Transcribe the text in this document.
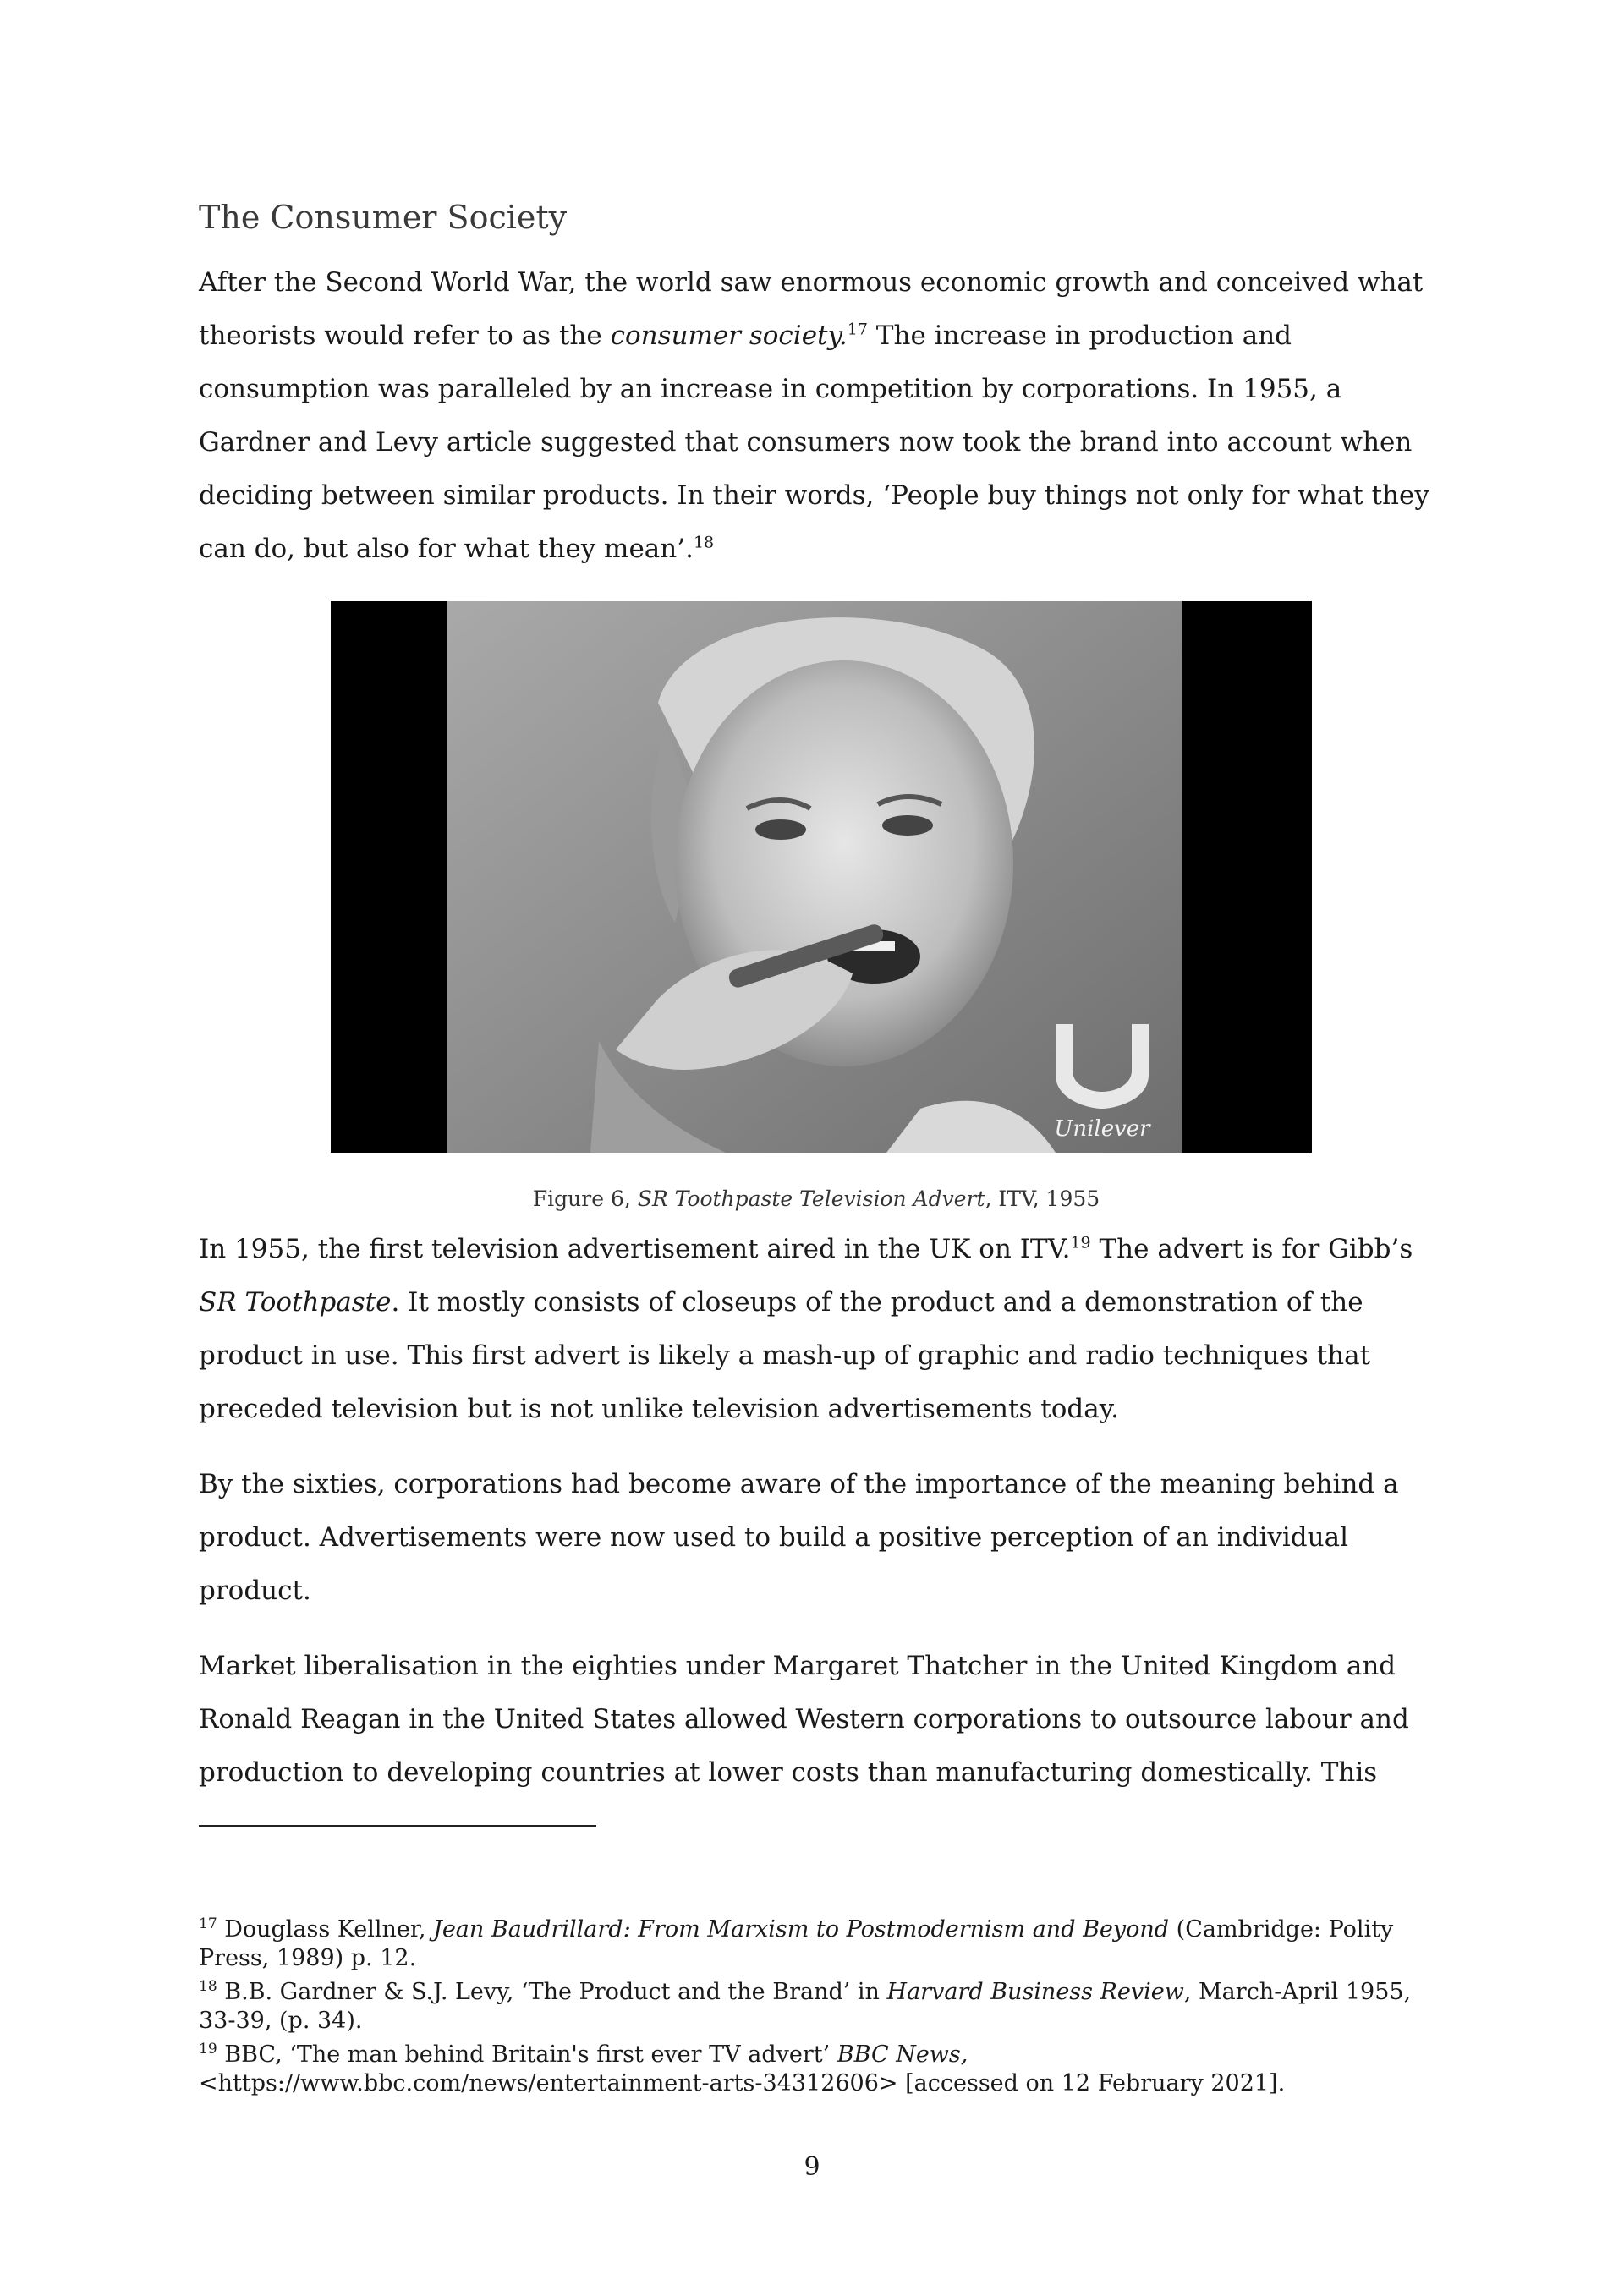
The Consumer Society

After the Second World War, the world saw enormous economic growth and conceived what theorists would refer to as the consumer society.$^{17}$ The increase in production and consumption was paralleled by an increase in competition by corporations. In 1955, a Gardner and Levy article suggested that consumers now took the brand into account when deciding between similar products. In their words, ‘People buy things not only for what they can do, but also for what they mean’.$^{18}$

Unilever
Figure 6, SR Toothpaste Television Advert, ITV, 1955

In 1955, the first television advertisement aired in the UK on ITV.$^{19}$ The advert is for Gibb’s SR Toothpaste. It mostly consists of closeups of the product and a demonstration of the product in use. This first advert is likely a mash-up of graphic and radio techniques that preceded television but is not unlike television advertisements today.

By the sixties, corporations had become aware of the importance of the meaning behind a product. Advertisements were now used to build a positive perception of an individual product.

Market liberalisation in the eighties under Margaret Thatcher in the United Kingdom and Ronald Reagan in the United States allowed Western corporations to outsource labour and production to developing countries at lower costs than manufacturing domestically. This

$^{17}$ Douglass Kellner, Jean Baudrillard: From Marxism to Postmodernism and Beyond (Cambridge: Polity Press, 1989) p. 12.
$^{18}$ B.B. Gardner & S.J. Levy, ‘The Product and the Brand’ in Harvard Business Review, March-April 1955, 33-39, (p. 34).
$^{19}$ BBC, ‘The man behind Britain's first ever TV advert’ BBC News, <https://www.bbc.com/news/entertainment-arts-34312606> [accessed on 12 February 2021].
9
